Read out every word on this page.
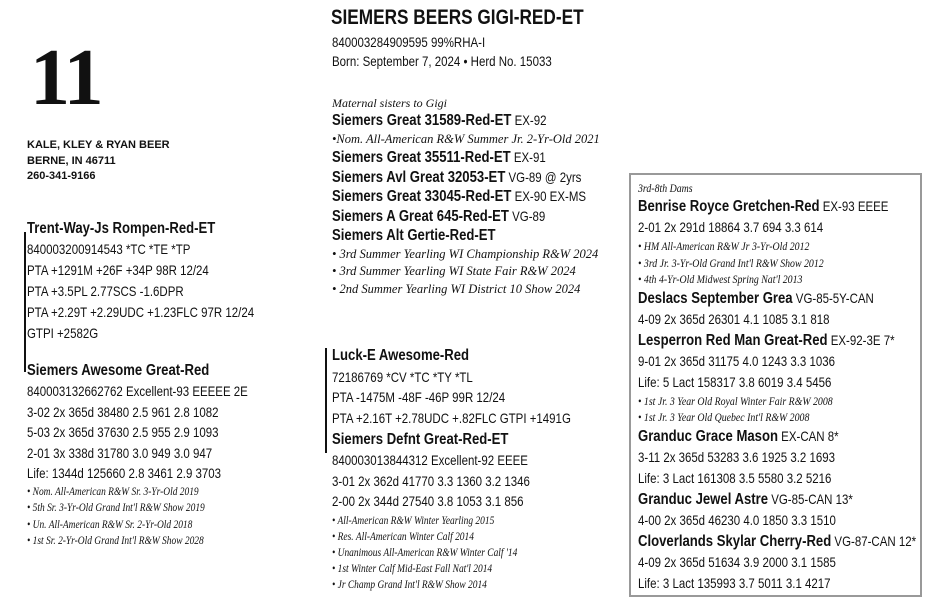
11
KALE, KLEY & RYAN BEER
BERNE, IN 46711
260-341-9166
SIEMERS BEERS GIGI-RED-ET
840003284909595 99%RHA-I
Born: September 7, 2024 • Herd No. 15033
Trent-Way-Js Rompen-Red-ET
840003200914543 *TC *TE *TP
PTA +1291M +26F +34P 98R 12/24
PTA +3.5PL 2.77SCS -1.6DPR
PTA +2.29T +2.29UDC +1.23FLC 97R 12/24
GTPI +2582G
Siemers Awesome Great-Red
840003132662762 Excellent-93 EEEEE 2E
3-02 2x 365d 38480 2.5 961 2.8 1082
5-03 2x 365d 37630 2.5 955 2.9 1093
2-01 3x 338d 31780 3.0 949 3.0 947
Life: 1344d 125660 2.8 3461 2.9 3703
• Nom. All-American R&W Sr. 3-Yr-Old 2019
• 5th Sr. 3-Yr-Old Grand Int'l R&W Show 2019
• Un. All-American R&W Sr. 2-Yr-Old 2018
• 1st Sr. 2-Yr-Old Grand Int'l R&W Show 2028
Maternal sisters to Gigi
Siemers Great 31589-Red-ET EX-92
•Nom. All-American R&W Summer Jr. 2-Yr-Old 2021
Siemers Great 35511-Red-ET EX-91
Siemers Avl Great 32053-ET VG-89 @ 2yrs
Siemers Great 33045-Red-ET EX-90 EX-MS
Siemers A Great 645-Red-ET VG-89
Siemers Alt Gertie-Red-ET
• 3rd Summer Yearling WI Championship R&W 2024
• 3rd Summer Yearling WI State Fair R&W 2024
• 2nd Summer Yearling WI District 10 Show 2024
Luck-E Awesome-Red
72186769 *CV *TC *TY *TL
PTA -1475M -48F -46P 99R 12/24
PTA +2.16T +2.78UDC +.82FLC GTPI +1491G
Siemers Defnt Great-Red-ET
840003013844312 Excellent-92 EEEE
3-01 2x 362d 41770 3.3 1360 3.2 1346
2-00 2x 344d 27540 3.8 1053 3.1 856
• All-American R&W Winter Yearling 2015
• Res. All-American Winter Calf 2014
• Unanimous All-American R&W Winter Calf '14
• 1st Winter Calf Mid-East Fall Nat'l 2014
• Jr Champ Grand Int'l R&W Show 2014
3rd-8th Dams
Benrise Royce Gretchen-Red EX-93 EEEE
2-01 2x 291d 18864 3.7 694 3.3 614
• HM All-American R&W Jr 3-Yr-Old 2012
• 3rd Jr. 3-Yr-Old Grand Int'l R&W Show 2012
• 4th 4-Yr-Old Midwest Spring Nat'l 2013
Deslacs September Grea VG-85-5Y-CAN
4-09 2x 365d 26301 4.1 1085 3.1 818
Lesperron Red Man Great-Red EX-92-3E 7*
9-01 2x 365d 31175 4.0 1243 3.3 1036
Life: 5 Lact 158317 3.8 6019 3.4 5456
• 1st Jr. 3 Year Old Royal Winter Fair R&W 2008
• 1st Jr. 3 Year Old Quebec Int'l R&W 2008
Granduc Grace Mason EX-CAN 8*
3-11 2x 365d 53283 3.6 1925 3.2 1693
Life: 3 Lact 161308 3.5 5580 3.2 5216
Granduc Jewel Astre VG-85-CAN 13*
4-00 2x 365d 46230 4.0 1850 3.3 1510
Cloverlands Skylar Cherry-Red VG-87-CAN 12*
4-09 2x 365d 51634 3.9 2000 3.1 1585
Life: 3 Lact 135993 3.7 5011 3.1 4217
